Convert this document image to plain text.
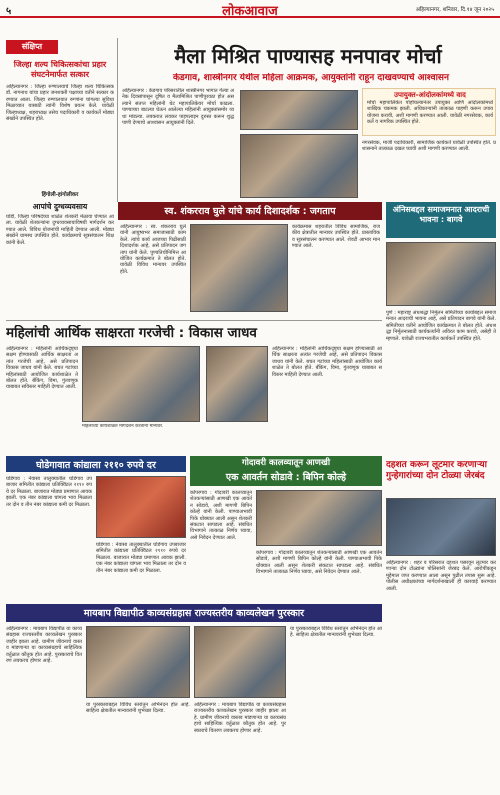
५	लोकआवाज	अहिल्यानगर, शनिवार, दि.१४ जून २०२५
संक्षिप्त
जिल्हा शल्य चिकित्सकांचा प्रहार संघटनेमार्फत सत्कार
अहिल्यानगर : जिल्हा रुग्णालयाचे जिल्हा शल्य चिकित्सक डॉ. नागनाथ यांचा प्रहार जनशक्ती पक्षाच्या वतीने सत्कार करण्यात आला. जिल्हा रुग्णालयात रुग्णांना चांगल्या सुविधा मिळाव्यात यासाठी त्यांनी विशेष प्रयत्न केले. यावेळी जिल्हाध्यक्ष, शहराध्यक्ष तसेच पदाधिकारी व कार्यकर्ते मोठ्या संख्येने उपस्थित होते.
हिंगोली-हांगोलीकर
आपांचे दुग्धव्यवसाय
घोडी, जिल्हा परिषदेच्या शाळेत शेतकरी मेळावा घेण्यात आला. यावेळी शेतकऱ्यांना दुग्धव्यवसायाविषयी मार्गदर्शन करण्यात आले. विविध योजनांची माहिती देण्यात आली. मोठ्या संख्येने ग्रामस्थ उपस्थित होते. कार्यक्रमाचे सूत्रसंचालन शिक्षकांनी केले.
मैला मिश्रित पाण्यासह मनपावर मोर्चा
केडगाव, शास्त्रीनगर येथील महिला आक्रमक, आयुक्तांनी राहून दाखवण्याचे आश्वासन
अहिल्यानगर : केडगाव परिसरातील शास्त्रीनगर भागात गेल्या अनेक दिवसांपासून दूषित व मैलामिश्रित पाणीपुरवठा होत असल्याने संतप्त महिलांनी थेट महापालिकेवर मोर्चा काढला. पाण्याच्या बाटल्या घेऊन आलेल्या महिलांनी आयुक्तांसमोर व्यथा मांडल्या. लवकरात लवकर पाइपलाइन दुरुस्त करून शुद्ध पाणी देण्याचे आश्वासन आयुक्तांनी दिले.
उपायुक्त-आंदोलकांमध्ये वाद
मोर्चा महापालिकेत पोहोचल्यानंतर उपायुक्त आणि आंदोलकांमध्ये शाब्दिक चकमक झाली. अधिकाऱ्यांनी तात्काळ पाहणी करून उपाययोजना करावी, अशी मागणी करण्यात आली. यावेळी नगरसेवक, कार्यकर्ते व नागरिक उपस्थित होते.
नगरसेवक, माजी पदाधिकारी, सामाजिक कार्यकर्ते यावेळी उपस्थित होते. प्रशासनाने तात्काळ दखल घ्यावी अशी मागणी करण्यात आली.
स्व. शंकरराव घुले यांचे कार्य दिशादर्शक : जगताप
अहिल्यानगर : स्व. शंकरराव घुले यांनी आयुष्यभर समाजासाठी काम केले. त्यांचे कार्य आजच्या पिढीसाठी दिशादर्शक आहे, असे प्रतिपादन जगताप यांनी केले. पुण्यतिथीनिमित्त आयोजित कार्यक्रमात ते बोलत होते. यावेळी विविध मान्यवर उपस्थित होते.
कार्यक्रमास शहरातील विविध सामाजिक, राजकीय क्षेत्रातील मान्यवर उपस्थित होते. प्रास्ताविक व सूत्रसंचालन करण्यात आले. शेवटी आभार मानण्यात आले.
अंनिसबद्दल समाजमनात आदराची भावना : बागवे
पुणे : महाराष्ट्र अंधश्रद्धा निर्मूलन समितीच्या कार्याबद्दल समाजमनात आदराची भावना आहे, असे प्रतिपादन बागवे यांनी केले. समितीच्या वतीने आयोजित कार्यक्रमात ते बोलत होते. अंधश्रद्धा निर्मूलनासाठी कार्यकर्त्यांनी अविरत काम करावे, असेही ते म्हणाले. यावेळी राज्यभरातील कार्यकर्ते उपस्थित होते.
महिलांची आर्थिक साक्षरता गरजेची : विकास जाधव
अहिल्यानगर : महिलांनी आर्थिकदृष्ट्या सक्षम होण्यासाठी आर्थिक साक्षरता अत्यंत गरजेची आहे, असे प्रतिपादन विकास जाधव यांनी केले. बचत गटांच्या महिलांसाठी आयोजित कार्यशाळेत ते बोलत होते. बँकिंग, विमा, गुंतवणूक याबाबत सविस्तर माहिती देण्यात आली.
महिलांच्या कार्यशाळेत मार्गदर्शन करताना मान्यवर.
अहिल्यानगर : महिलांनी आर्थिकदृष्ट्या सक्षम होण्यासाठी आर्थिक साक्षरता अत्यंत गरजेची आहे, असे प्रतिपादन विकास जाधव यांनी केले. बचत गटांच्या महिलांसाठी आयोजित कार्यशाळेत ते बोलत होते. बँकिंग, विमा, गुंतवणूक याबाबत सविस्तर माहिती देण्यात आली.
घोडेगावात कांद्याला २११० रुपये दर
घोडेगाव : नेवासा तालुक्यातील घोडेगाव उपबाजार समितीत कांद्याला प्रतिक्विंटल २११० रुपये दर मिळाला. बाजारात मोठ्या प्रमाणात आवक झाली. एक नंबर कांद्याला चांगला भाव मिळाला तर दोन व तीन नंबर कांद्याला कमी दर मिळाला.
घोडेगाव : नेवासा तालुक्यातील घोडेगाव उपबाजार समितीत कांद्याला प्रतिक्विंटल २११० रुपये दर मिळाला. बाजारात मोठ्या प्रमाणात आवक झाली. एक नंबर कांद्याला चांगला भाव मिळाला तर दोन व तीन नंबर कांद्याला कमी दर मिळाला.
गोदावरी कालव्यातून आणखी
एक आवर्तन सोडावे : बिपिन कोल्हे
कोपरगाव : गोदावरी कालव्यातून शेतकऱ्यांसाठी आणखी एक आवर्तन सोडावे, अशी मागणी बिपिन कोल्हे यांनी केली. पाण्याअभावी पिके धोक्यात आली असून शेतकरी संकटात सापडला आहे. संबंधित विभागाने तात्काळ निर्णय घ्यावा, असे निवेदन देण्यात आले.
कोपरगाव : गोदावरी कालव्यातून शेतकऱ्यांसाठी आणखी एक आवर्तन सोडावे, अशी मागणी बिपिन कोल्हे यांनी केली. पाण्याअभावी पिके धोक्यात आली असून शेतकरी संकटात सापडला आहे. संबंधित विभागाने तात्काळ निर्णय घ्यावा, असे निवेदन देण्यात आले.
दहशत करून लूटमार करणाऱ्या गुन्हेगारांच्या दोन टोळ्या जेरबंद
अहिल्यानगर : शहर व परिसरात दहशत पसरवून लूटमार करणाऱ्या दोन टोळ्यांना पोलिसांनी जेरबंद केले. आरोपींकडून मुद्देमाल जप्त करण्यात आला असून पुढील तपास सुरू आहे. पोलीस अधीक्षकांच्या मार्गदर्शनाखाली ही कारवाई करण्यात आली.
मायबाप विद्यापीठ काव्यसंग्रहास राज्यस्तरीय काव्यलेखन पुरस्कार
अहिल्यानगर : मायबाप विद्यापीठ या काव्यसंग्रहास राज्यस्तरीय काव्यलेखन पुरस्कार जाहीर झाला आहे. ग्रामीण जीवनाचे वास्तव मांडणाऱ्या या काव्यसंग्रहाचे साहित्यिक वर्तुळात कौतुक होत आहे. पुरस्काराचे वितरण लवकरच होणार आहे.
या पुरस्काराबद्दल विविध स्तरांतून अभिनंदन होत आहे. साहित्य क्षेत्रातील मान्यवरांनी शुभेच्छा दिल्या.
अहिल्यानगर : मायबाप विद्यापीठ या काव्यसंग्रहास राज्यस्तरीय काव्यलेखन पुरस्कार जाहीर झाला आहे. ग्रामीण जीवनाचे वास्तव मांडणाऱ्या या काव्यसंग्रहाचे साहित्यिक वर्तुळात कौतुक होत आहे. पुरस्काराचे वितरण लवकरच होणार आहे.
या पुरस्काराबद्दल विविध स्तरांतून अभिनंदन होत आहे. साहित्य क्षेत्रातील मान्यवरांनी शुभेच्छा दिल्या.
